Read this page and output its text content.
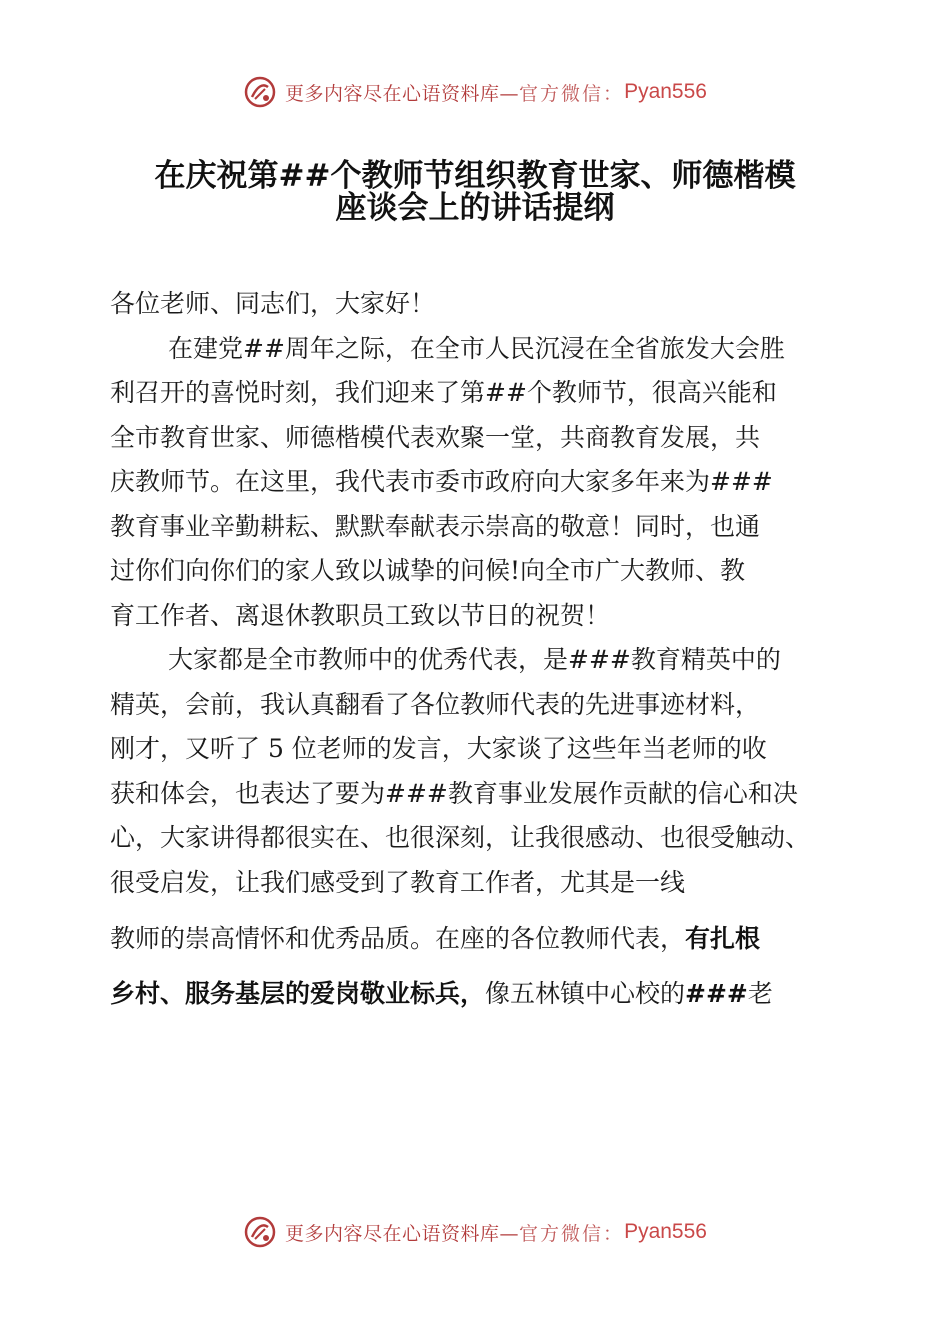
更多内容尽在心语资料库— 官方微信： Pyan556
在庆祝第##个教师节组织教育世家、师德楷模
座谈会上的讲话提纲
各位老师、同志们，大家好！
在建党##周年之际，在全市人民沉浸在全省旅发大会胜
利召开的喜悦时刻，我们迎来了第##个教师节，很高兴能和
全市教育世家、师德楷模代表欢聚一堂，共商教育发展，共
庆教师节。在这里，我代表市委市政府向大家多年来为###
教育事业辛勤耕耘、默默奉献表示崇高的敬意！同时，也通
过你们向你们的家人致以诚挚的问候!向全市广大教师、教
育工作者、离退休教职员工致以节日的祝贺！
大家都是全市教师中的优秀代表，是###教育精英中的
精英，会前，我认真翻看了各位教师代表的先进事迹材料，
刚才，又听了 5 位老师的发言，大家谈了这些年当老师的收
获和体会，也表达了要为###教育事业发展作贡献的信心和决
心，大家讲得都很实在、也很深刻，让我很感动、也很受触动、
很受启发，让我们感受到了教育工作者，尤其是一线
教师的崇高情怀和优秀品质。在座的各位教师代表，有扎根
乡村、服务基层的爱岗敬业标兵，像五林镇中心校的###老
更多内容尽在心语资料库— 官方微信： Pyan556
